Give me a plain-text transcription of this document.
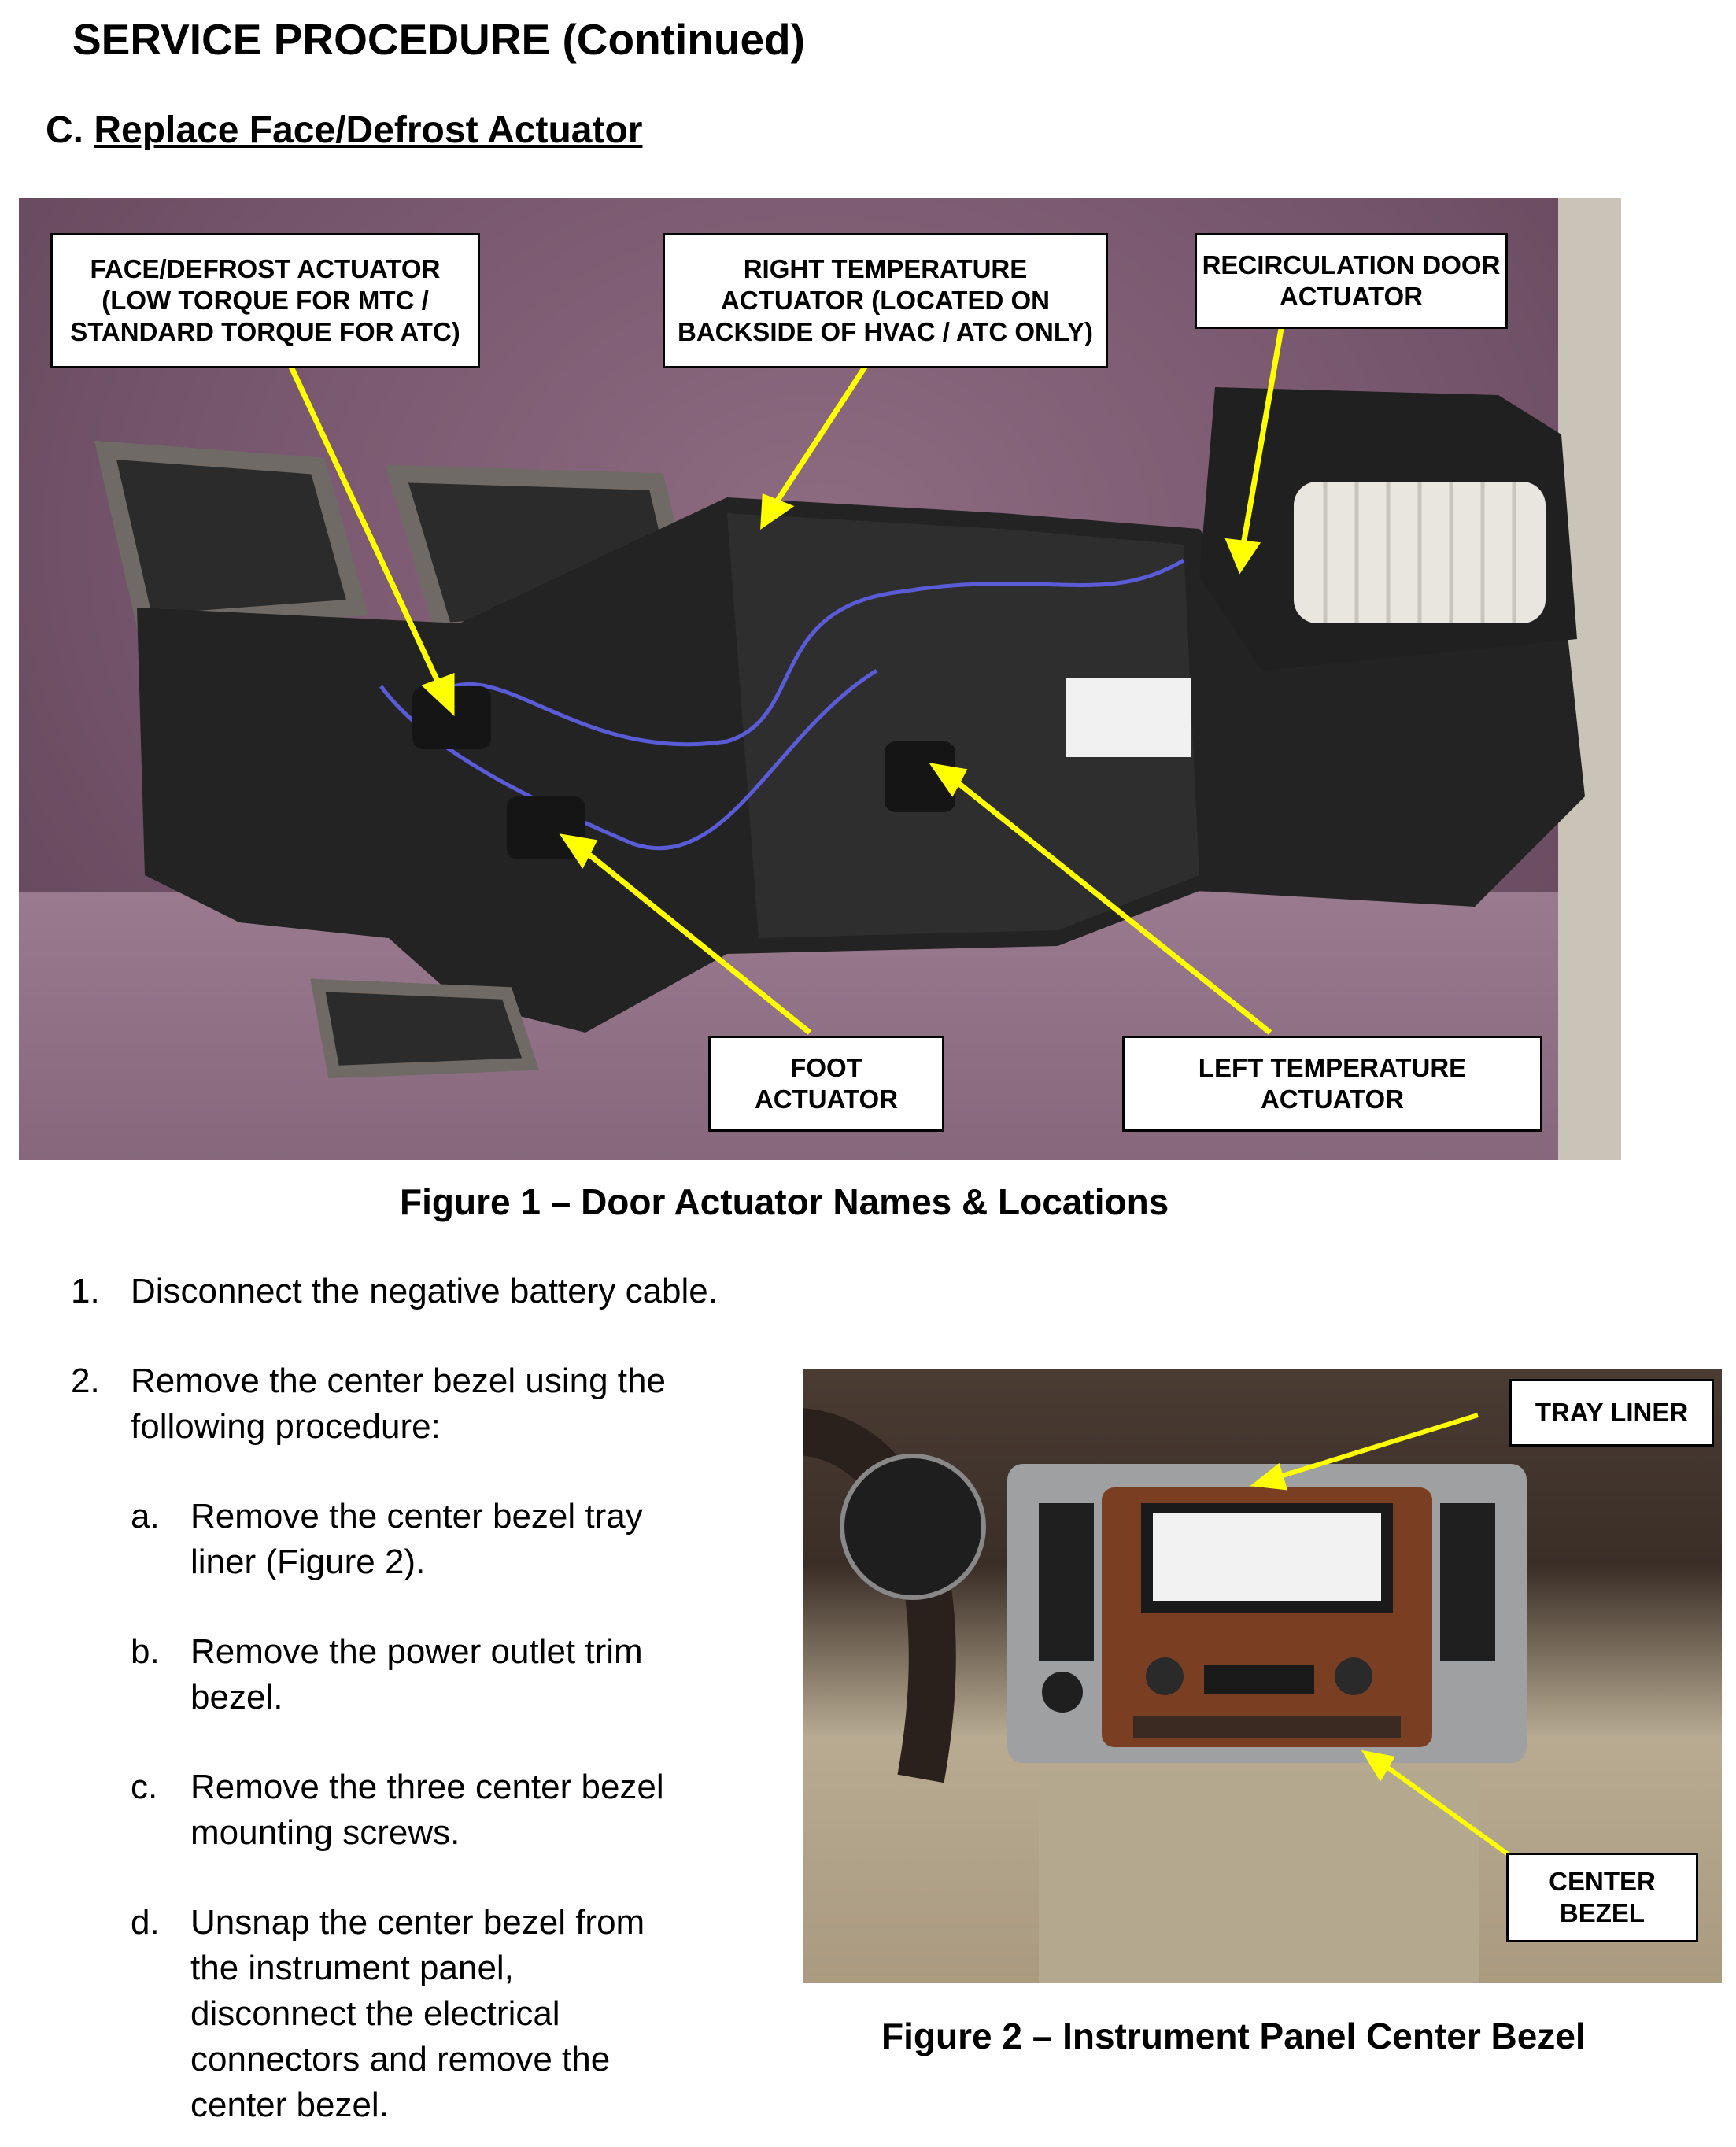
SERVICE PROCEDURE (Continued)
C. Replace Face/Defrost Actuator
FACE/DEFROST ACTUATOR
(LOW TORQUE FOR MTC /
STANDARD TORQUE FOR ATC)
RIGHT TEMPERATURE
ACTUATOR (LOCATED ON
BACKSIDE OF HVAC / ATC ONLY)
RECIRCULATION DOOR
ACTUATOR
FOOT
ACTUATOR
LEFT TEMPERATURE
ACTUATOR
Figure 1 – Door Actuator Names & Locations
1. Disconnect the negative battery cable.
2. Remove the center bezel using the
following procedure:
a. Remove the center bezel tray
liner (Figure 2).
b. Remove the power outlet trim
bezel.
c. Remove the three center bezel
mounting screws.
d. Unsnap the center bezel from
the instrument panel,
disconnect the electrical
connectors and remove the
center bezel.
TRAY LINER
CENTER
BEZEL
Figure 2 – Instrument Panel Center Bezel
